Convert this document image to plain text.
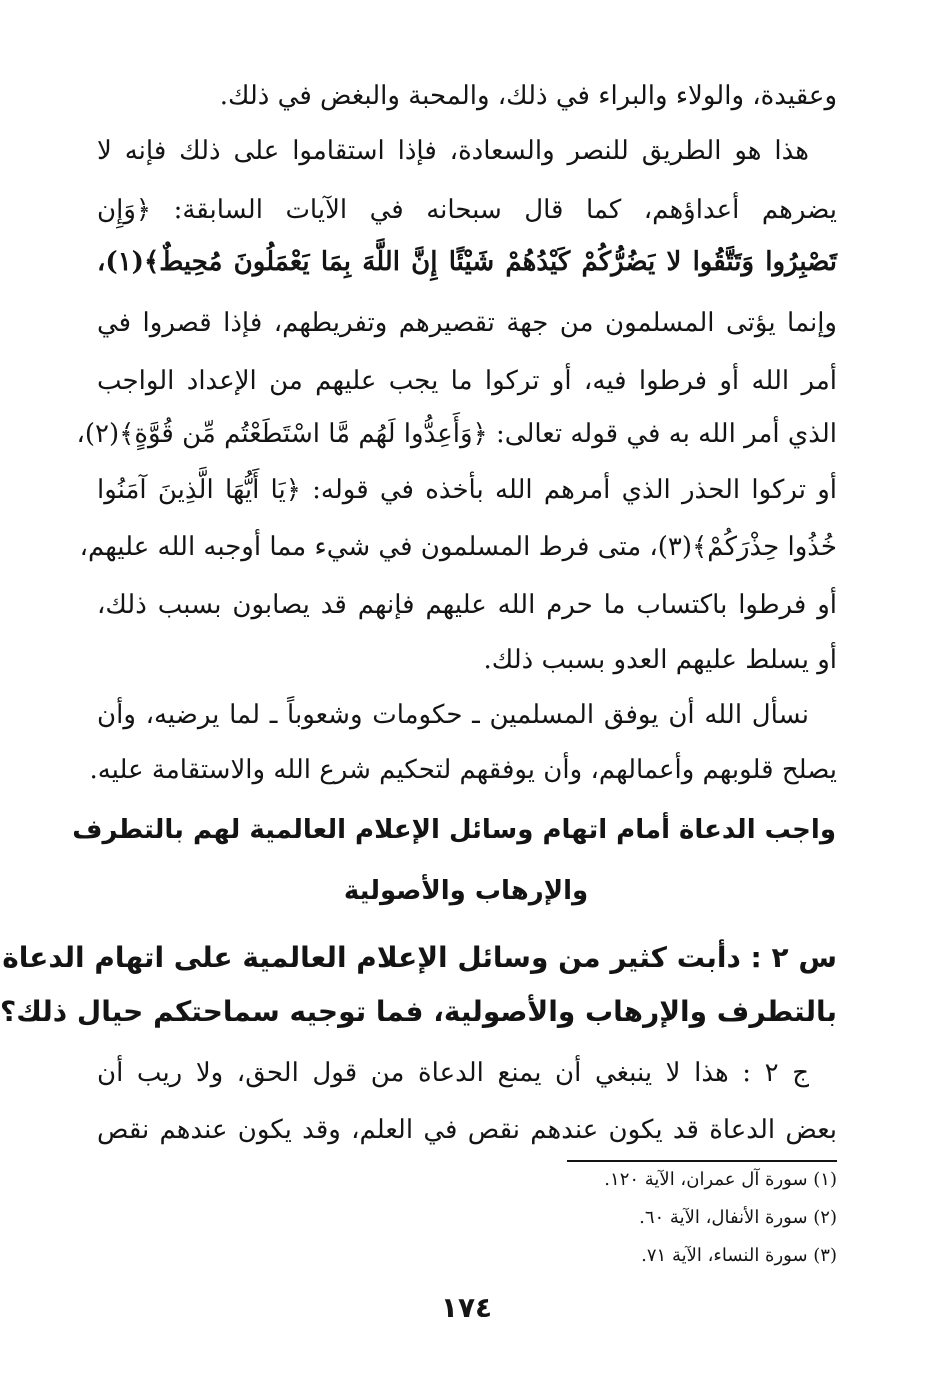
وعقيدة، والولاء والبراء في ذلك، والمحبة والبغض في ذلك.
هذا هو الطريق للنصر والسعادة، فإذا استقاموا على ذلك فإنه لا
يضرهم أعداؤهم، كما قال سبحانه في الآيات السابقة: ﴿وَإِن
تَصْبِرُوا وَتَتَّقُوا لا يَضُرُّكُمْ كَيْدُهُمْ شَيْئًا إِنَّ اللَّهَ بِمَا يَعْمَلُونَ مُحِيطٌ﴾(١)،
وإنما يؤتى المسلمون من جهة تقصيرهم وتفريطهم، فإذا قصروا في
أمر الله أو فرطوا فيه، أو تركوا ما يجب عليهم من الإعداد الواجب
الذي أمر الله به في قوله تعالى: ﴿وَأَعِدُّوا لَهُم مَّا اسْتَطَعْتُم مِّن قُوَّةٍ﴾(٢)،
أو تركوا الحذر الذي أمرهم الله بأخذه في قوله: ﴿يَا أَيُّهَا الَّذِينَ آمَنُوا
خُذُوا حِذْرَكُمْ﴾(٣)، متى فرط المسلمون في شيء مما أوجبه الله عليهم،
أو فرطوا باكتساب ما حرم الله عليهم فإنهم قد يصابون بسبب ذلك،
أو يسلط عليهم العدو بسبب ذلك.
نسأل الله أن يوفق المسلمين ـ حكومات وشعوباً ـ لما يرضيه، وأن
يصلح قلوبهم وأعمالهم، وأن يوفقهم لتحكيم شرع الله والاستقامة عليه.
واجب الدعاة أمام اتهام وسائل الإعلام العالمية لهم بالتطرف
والإرهاب والأصولية
س ٢ : دأبت كثير من وسائل الإعلام العالمية على اتهام الدعاة
بالتطرف والإرهاب والأصولية، فما توجيه سماحتكم حيال ذلك؟
ج ٢ : هذا لا ينبغي أن يمنع الدعاة من قول الحق، ولا ريب أن
بعض الدعاة قد يكون عندهم نقص في العلم، وقد يكون عندهم نقص
(١) سورة آل عمران، الآية ١٢٠.
(٢) سورة الأنفال، الآية ٦٠.
(٣) سورة النساء، الآية ٧١.
١٧٤
